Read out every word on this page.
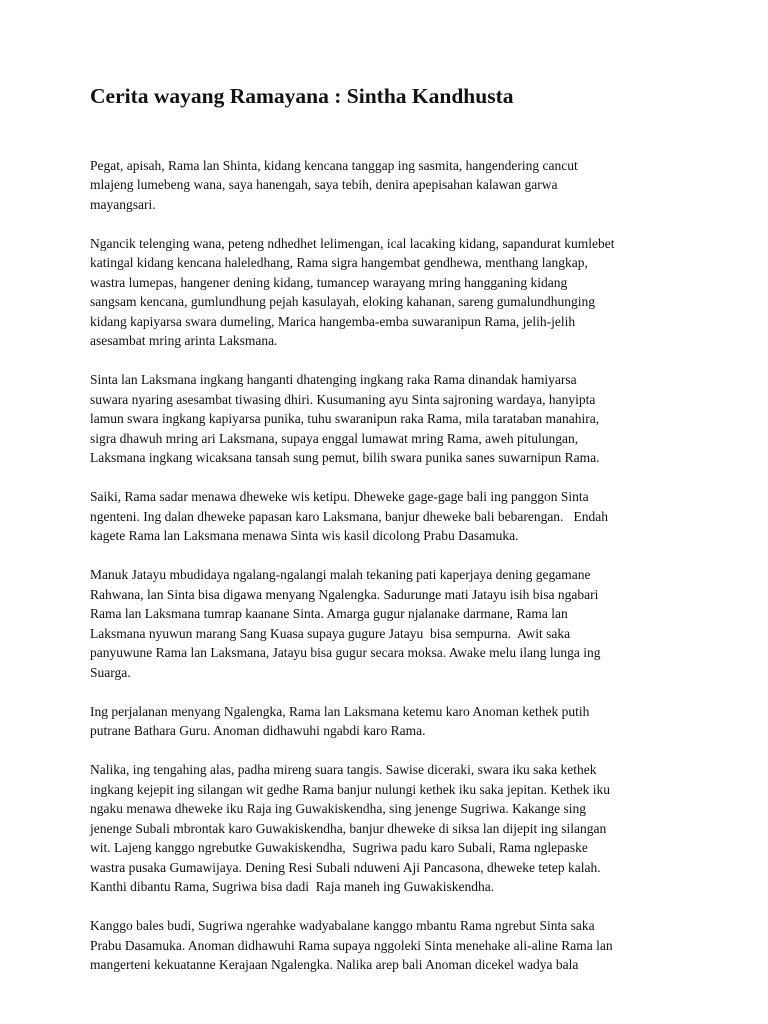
Cerita wayang Ramayana : Sintha Kandhusta

Pegat, apisah, Rama lan Shinta, kidang kencana tanggap ing sasmita, hangendering cancut
mlajeng lumebeng wana, saya hanengah, saya tebih, denira apepisahan kalawan garwa
mayangsari.

Ngancik telenging wana, peteng ndhedhet lelimengan, ical lacaking kidang, sapandurat kumlebet
katingal kidang kencana haleledhang, Rama sigra hangembat gendhewa, menthang langkap,
wastra lumepas, hangener dening kidang, tumancep warayang mring hangganing kidang
sangsam kencana, gumlundhung pejah kasulayah, eloking kahanan, sareng gumalundhunging
kidang kapiyarsa swara dumeling, Marica hangemba-emba suwaranipun Rama, jelih-jelih
asesambat mring arinta Laksmana.

Sinta lan Laksmana ingkang hanganti dhatenging ingkang raka Rama dinandak hamiyarsa
suwara nyaring asesambat tiwasing dhiri. Kusumaning ayu Sinta sajroning wardaya, hanyipta
lamun swara ingkang kapiyarsa punika, tuhu swaranipun raka Rama, mila tarataban manahira,
sigra dhawuh mring ari Laksmana, supaya enggal lumawat mring Rama, aweh pitulungan,
Laksmana ingkang wicaksana tansah sung pemut, bilih swara punika sanes suwarnipun Rama.

Saiki, Rama sadar menawa dheweke wis ketipu. Dheweke gage-gage bali ing panggon Sinta
ngenteni. Ing dalan dheweke papasan karo Laksmana, banjur dheweke bali bebarengan.   Endah
kagete Rama lan Laksmana menawa Sinta wis kasil dicolong Prabu Dasamuka.

Manuk Jatayu mbudidaya ngalang-ngalangi malah tekaning pati kaperjaya dening gegamane
Rahwana, lan Sinta bisa digawa menyang Ngalengka. Sadurunge mati Jatayu isih bisa ngabari
Rama lan Laksmana tumrap kaanane Sinta. Amarga gugur njalanake darmane, Rama lan
Laksmana nyuwun marang Sang Kuasa supaya gugure Jatayu  bisa sempurna.  Awit saka
panyuwune Rama lan Laksmana, Jatayu bisa gugur secara moksa. Awake melu ilang lunga ing
Suarga.

Ing perjalanan menyang Ngalengka, Rama lan Laksmana ketemu karo Anoman kethek putih
putrane Bathara Guru. Anoman didhawuhi ngabdi karo Rama.

Nalika, ing tengahing alas, padha mireng suara tangis. Sawise diceraki, swara iku saka kethek
ingkang kejepit ing silangan wit gedhe Rama banjur nulungi kethek iku saka jepitan. Kethek iku
ngaku menawa dheweke iku Raja ing Guwakiskendha, sing jenenge Sugriwa. Kakange sing
jenenge Subali mbrontak karo Guwakiskendha, banjur dheweke di siksa lan dijepit ing silangan
wit. Lajeng kanggo ngrebutke Guwakiskendha,  Sugriwa padu karo Subali, Rama nglepaske
wastra pusaka Gumawijaya. Dening Resi Subali nduweni Aji Pancasona, dheweke tetep kalah.
Kanthi dibantu Rama, Sugriwa bisa dadi  Raja maneh ing Guwakiskendha.

Kanggo bales budi, Sugriwa ngerahke wadyabalane kanggo mbantu Rama ngrebut Sinta saka
Prabu Dasamuka. Anoman didhawuhi Rama supaya nggoleki Sinta menehake ali-aline Rama lan
mangerteni kekuatanne Kerajaan Ngalengka. Nalika arep bali Anoman dicekel wadya bala
